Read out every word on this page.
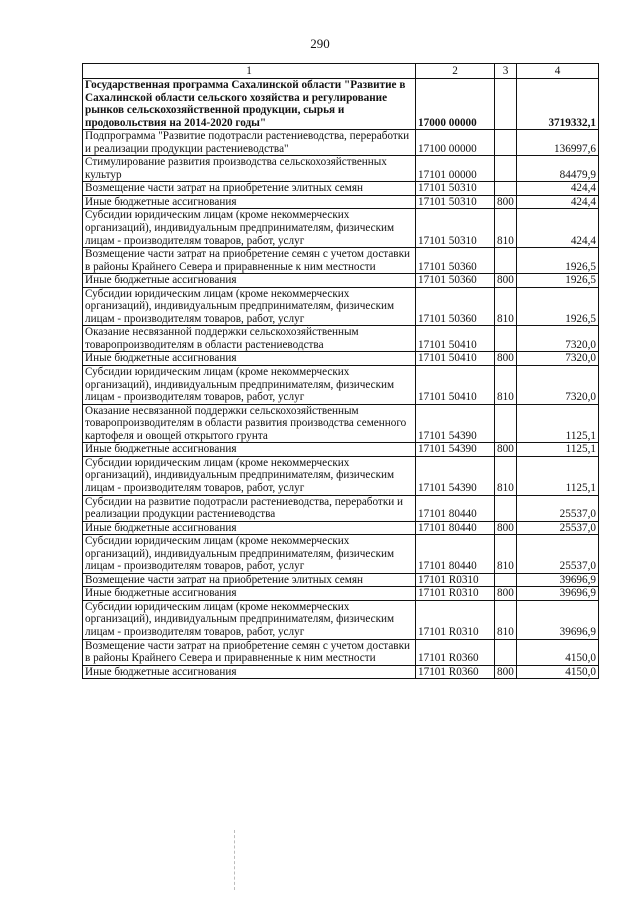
290
1	2	3	4
Государственная программа Сахалинской области "Развитие в Сахалинской области сельского хозяйства и регулирование рынков сельскохозяйственной продукции, сырья и продовольствия на 2014-2020 годы"	17000 00000		3719332,1
Подпрограмма "Развитие подотрасли растениеводства, переработки и реализации продукции растениеводства"	17100 00000		136997,6
Стимулирование развития производства сельскохозяйственных культур	17101 00000		84479,9
Возмещение части затрат на приобретение элитных семян	17101 50310		424,4
Иные бюджетные ассигнования	17101 50310	800	424,4
Субсидии юридическим лицам (кроме некоммерческих организаций), индивидуальным предпринимателям, физическим лицам - производителям товаров, работ, услуг	17101 50310	810	424,4
Возмещение части затрат на приобретение семян с учетом доставки в районы Крайнего Севера и приравненные к ним местности	17101 50360		1926,5
Иные бюджетные ассигнования	17101 50360	800	1926,5
Субсидии юридическим лицам (кроме некоммерческих организаций), индивидуальным предпринимателям, физическим лицам - производителям товаров, работ, услуг	17101 50360	810	1926,5
Оказание несвязанной поддержки сельскохозяйственным товаропроизводителям в области растениеводства	17101 50410		7320,0
Иные бюджетные ассигнования	17101 50410	800	7320,0
Субсидии юридическим лицам (кроме некоммерческих организаций), индивидуальным предпринимателям, физическим лицам - производителям товаров, работ, услуг	17101 50410	810	7320,0
Оказание несвязанной поддержки сельскохозяйственным товаропроизводителям в области развития производства семенного картофеля и овощей открытого грунта	17101 54390		1125,1
Иные бюджетные ассигнования	17101 54390	800	1125,1
Субсидии юридическим лицам (кроме некоммерческих организаций), индивидуальным предпринимателям, физическим лицам - производителям товаров, работ, услуг	17101 54390	810	1125,1
Субсидии на развитие подотрасли растениеводства, переработки и реализации продукции растениеводства	17101 80440		25537,0
Иные бюджетные ассигнования	17101 80440	800	25537,0
Субсидии юридическим лицам (кроме некоммерческих организаций), индивидуальным предпринимателям, физическим лицам - производителям товаров, работ, услуг	17101 80440	810	25537,0
Возмещение части затрат на приобретение элитных семян	17101 R0310		39696,9
Иные бюджетные ассигнования	17101 R0310	800	39696,9
Субсидии юридическим лицам (кроме некоммерческих организаций), индивидуальным предпринимателям, физическим лицам - производителям товаров, работ, услуг	17101 R0310	810	39696,9
Возмещение части затрат на приобретение семян с учетом доставки в районы Крайнего Севера и приравненные к ним местности	17101 R0360		4150,0
Иные бюджетные ассигнования	17101 R0360	800	4150,0
